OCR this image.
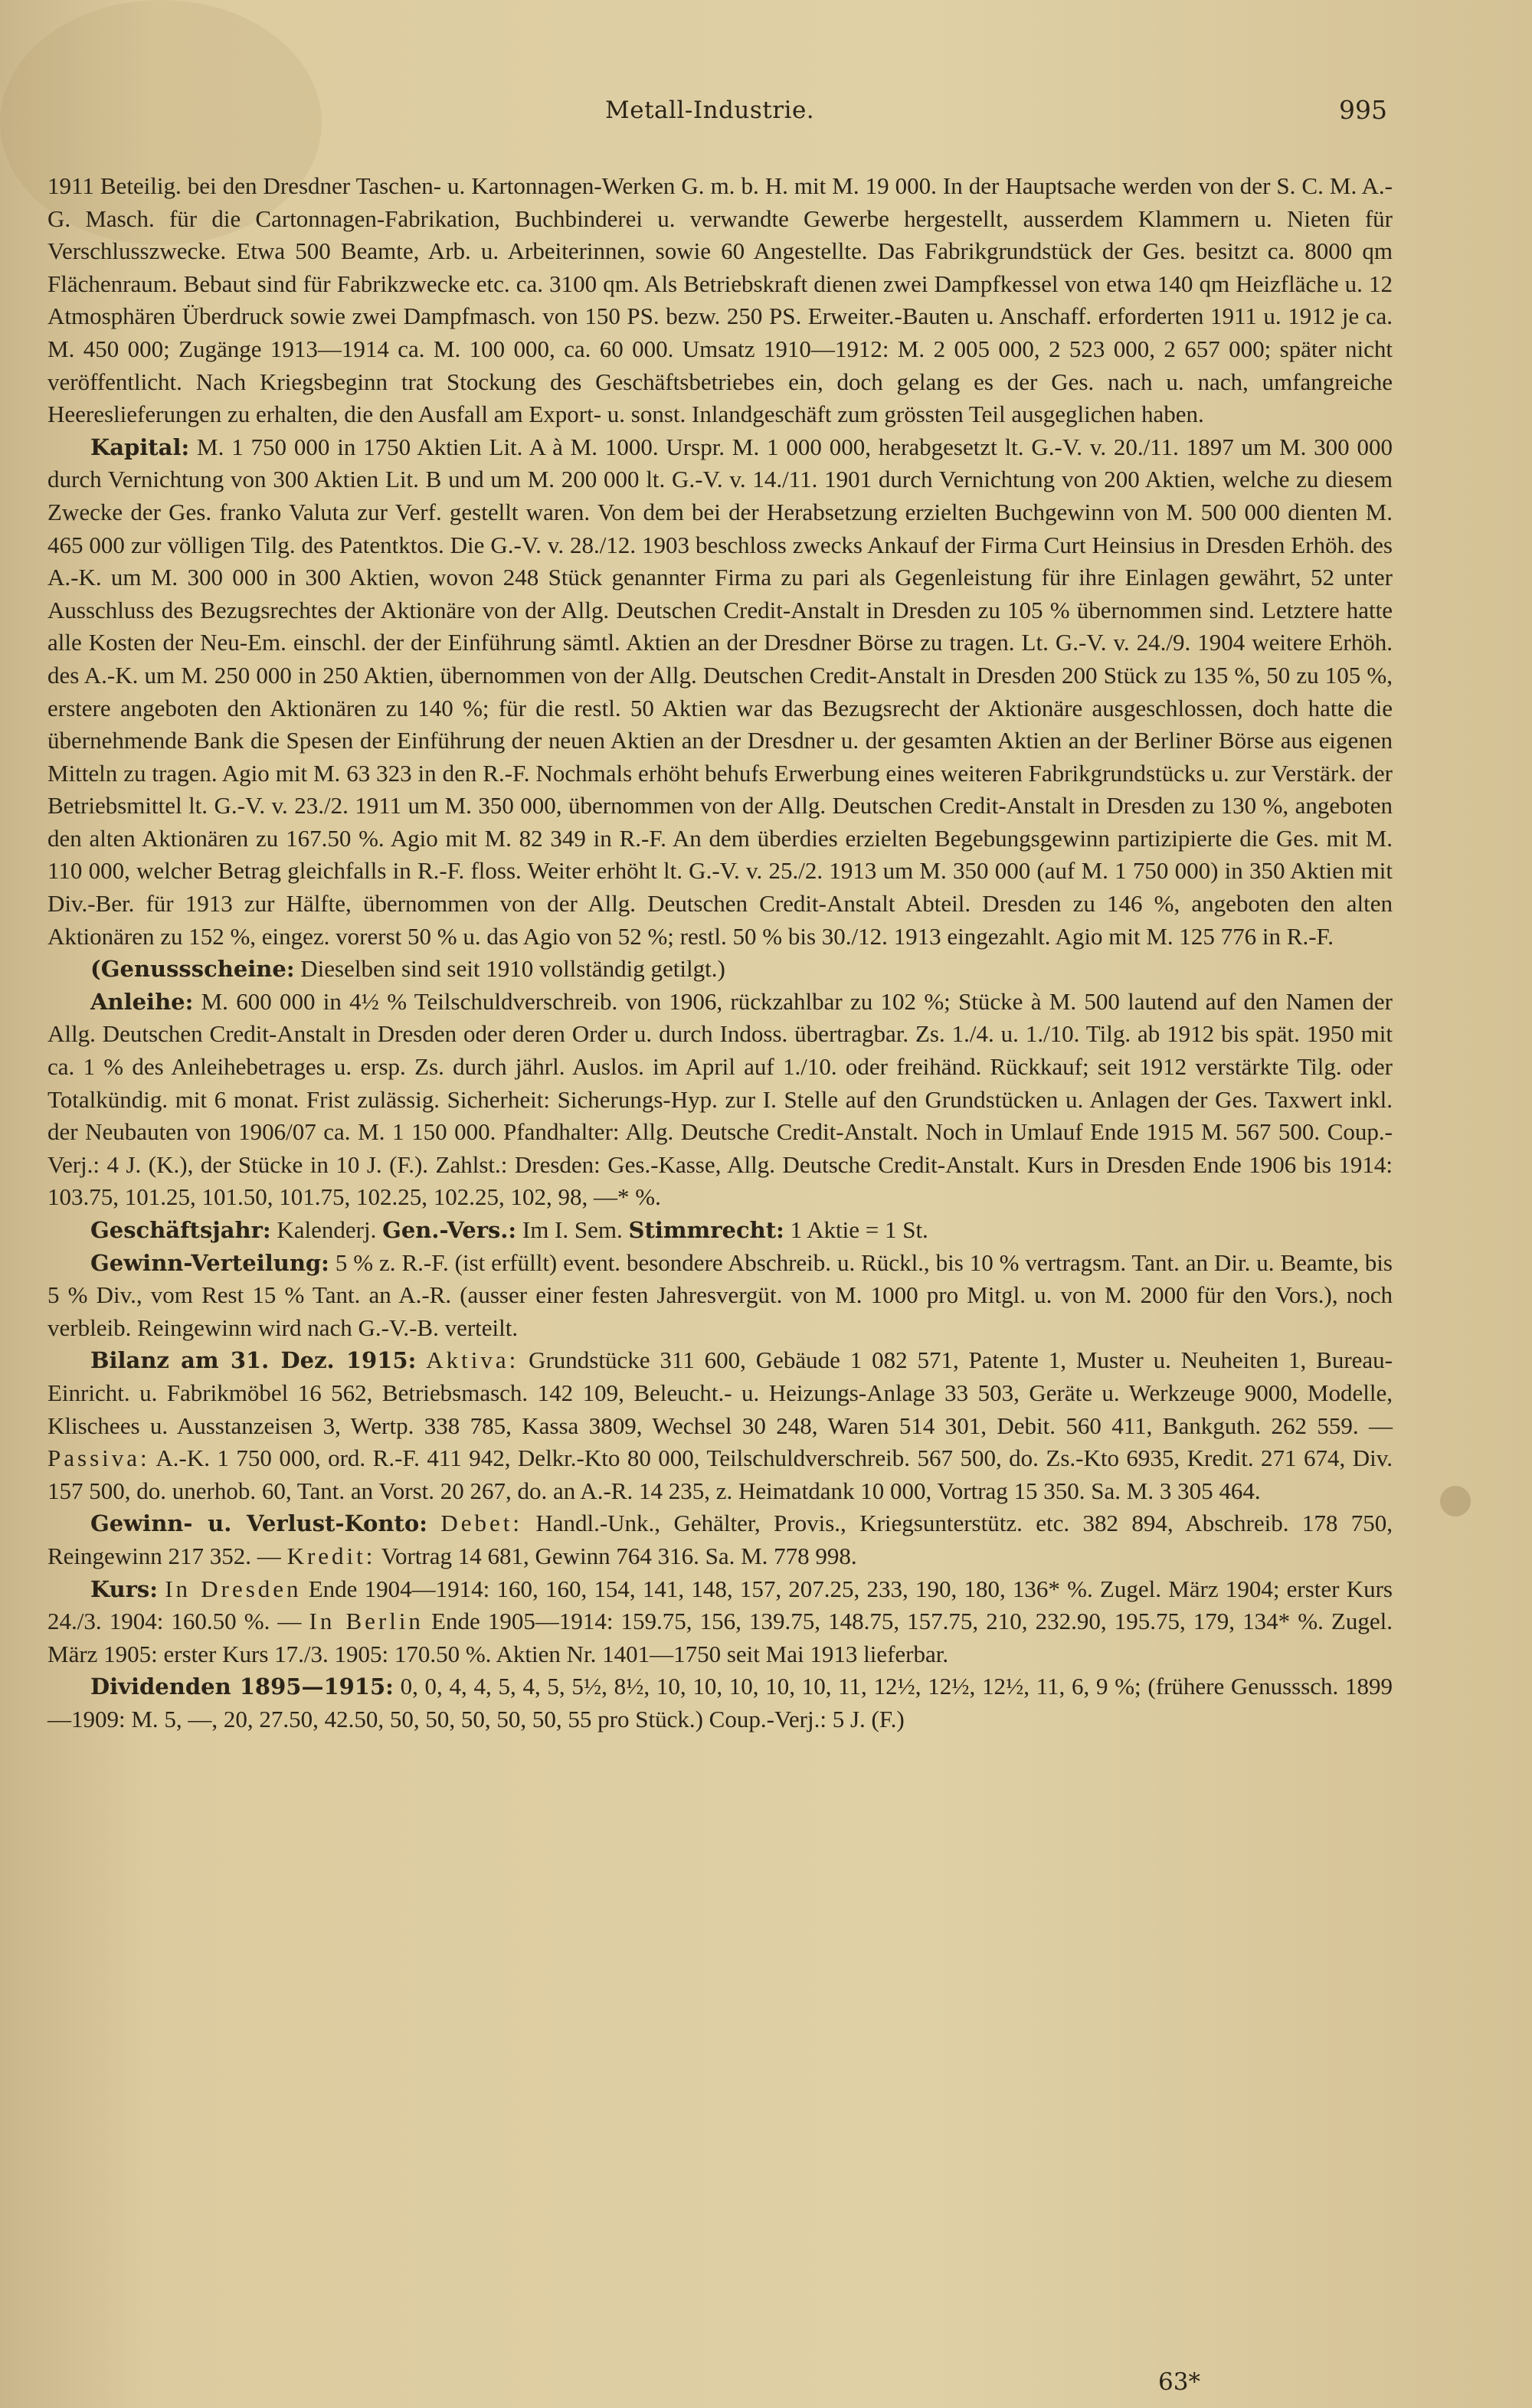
Metall-Industrie.	995

1911 Beteilig. bei den Dresdner Taschen- u. Kartonnagen-Werken G. m. b. H. mit M. 19 000. In der Hauptsache werden von der S. C. M. A.-G. Masch. für die Cartonnagen-Fabrikation, Buchbinderei u. verwandte Gewerbe hergestellt, ausserdem Klammern u. Nieten für Verschlusszwecke. Etwa 500 Beamte, Arb. u. Arbeiterinnen, sowie 60 Angestellte. Das Fabrikgrundstück der Ges. besitzt ca. 8000 qm Flächenraum. Bebaut sind für Fabrikzwecke etc. ca. 3100 qm. Als Betriebskraft dienen zwei Dampfkessel von etwa 140 qm Heizfläche u. 12 Atmosphären Überdruck sowie zwei Dampfmasch. von 150 PS. bezw. 250 PS. Erweiter.-Bauten u. Anschaff. erforderten 1911 u. 1912 je ca. M. 450 000; Zugänge 1913—1914 ca. M. 100 000, ca. 60 000. Umsatz 1910—1912: M. 2 005 000, 2 523 000, 2 657 000; später nicht veröffentlicht. Nach Kriegsbeginn trat Stockung des Geschäftsbetriebes ein, doch gelang es der Ges. nach u. nach, umfangreiche Heereslieferungen zu erhalten, die den Ausfall am Export- u. sonst. Inlandgeschäft zum grössten Teil ausgeglichen haben.

Kapital: M. 1 750 000 in 1750 Aktien Lit. A à M. 1000. Urspr. M. 1 000 000, herabgesetzt lt. G.-V. v. 20./11. 1897 um M. 300 000 durch Vernichtung von 300 Aktien Lit. B und um M. 200 000 lt. G.-V. v. 14./11. 1901 durch Vernichtung von 200 Aktien, welche zu diesem Zwecke der Ges. franko Valuta zur Verf. gestellt waren. Von dem bei der Herabsetzung erzielten Buchgewinn von M. 500 000 dienten M. 465 000 zur völligen Tilg. des Patentktos. Die G.-V. v. 28./12. 1903 beschloss zwecks Ankauf der Firma Curt Heinsius in Dresden Erhöh. des A.-K. um M. 300 000 in 300 Aktien, wovon 248 Stück genannter Firma zu pari als Gegenleistung für ihre Einlagen gewährt, 52 unter Ausschluss des Bezugsrechtes der Aktionäre von der Allg. Deutschen Credit-Anstalt in Dresden zu 105 % übernommen sind. Letztere hatte alle Kosten der Neu-Em. einschl. der der Einführung sämtl. Aktien an der Dresdner Börse zu tragen. Lt. G.-V. v. 24./9. 1904 weitere Erhöh. des A.-K. um M. 250 000 in 250 Aktien, übernommen von der Allg. Deutschen Credit-Anstalt in Dresden 200 Stück zu 135 %, 50 zu 105 %, erstere angeboten den Aktionären zu 140 %; für die restl. 50 Aktien war das Bezugsrecht der Aktionäre ausgeschlossen, doch hatte die übernehmende Bank die Spesen der Einführung der neuen Aktien an der Dresdner u. der gesamten Aktien an der Berliner Börse aus eigenen Mitteln zu tragen. Agio mit M. 63 323 in den R.-F. Nochmals erhöht behufs Erwerbung eines weiteren Fabrikgrundstücks u. zur Verstärk. der Betriebsmittel lt. G.-V. v. 23./2. 1911 um M. 350 000, übernommen von der Allg. Deutschen Credit-Anstalt in Dresden zu 130 %, angeboten den alten Aktionären zu 167.50 %. Agio mit M. 82 349 in R.-F. An dem überdies erzielten Begebungsgewinn partizipierte die Ges. mit M. 110 000, welcher Betrag gleichfalls in R.-F. floss. Weiter erhöht lt. G.-V. v. 25./2. 1913 um M. 350 000 (auf M. 1 750 000) in 350 Aktien mit Div.-Ber. für 1913 zur Hälfte, übernommen von der Allg. Deutschen Credit-Anstalt Abteil. Dresden zu 146 %, angeboten den alten Aktionären zu 152 %, eingez. vorerst 50 % u. das Agio von 52 %; restl. 50 % bis 30./12. 1913 eingezahlt. Agio mit M. 125 776 in R.-F.

(Genussscheine: Dieselben sind seit 1910 vollständig getilgt.)

Anleihe: M. 600 000 in 4½ % Teilschuldverschreib. von 1906, rückzahlbar zu 102 %; Stücke à M. 500 lautend auf den Namen der Allg. Deutschen Credit-Anstalt in Dresden oder deren Order u. durch Indoss. übertragbar. Zs. 1./4. u. 1./10. Tilg. ab 1912 bis spät. 1950 mit ca. 1 % des Anleihebetrages u. ersp. Zs. durch jährl. Auslos. im April auf 1./10. oder freihänd. Rückkauf; seit 1912 verstärkte Tilg. oder Totalkündig. mit 6 monat. Frist zulässig. Sicherheit: Sicherungs-Hyp. zur I. Stelle auf den Grundstücken u. Anlagen der Ges. Taxwert inkl. der Neubauten von 1906/07 ca. M. 1 150 000. Pfandhalter: Allg. Deutsche Credit-Anstalt. Noch in Umlauf Ende 1915 M. 567 500. Coup.-Verj.: 4 J. (K.), der Stücke in 10 J. (F.). Zahlst.: Dresden: Ges.-Kasse, Allg. Deutsche Credit-Anstalt. Kurs in Dresden Ende 1906 bis 1914: 103.75, 101.25, 101.50, 101.75, 102.25, 102.25, 102, 98, —* %.

Geschäftsjahr: Kalenderj. Gen.-Vers.: Im I. Sem. Stimmrecht: 1 Aktie = 1 St.

Gewinn-Verteilung: 5 % z. R.-F. (ist erfüllt) event. besondere Abschreib. u. Rückl., bis 10 % vertragsm. Tant. an Dir. u. Beamte, bis 5 % Div., vom Rest 15 % Tant. an A.-R. (ausser einer festen Jahresvergüt. von M. 1000 pro Mitgl. u. von M. 2000 für den Vors.), noch verbleib. Reingewinn wird nach G.-V.-B. verteilt.

Bilanz am 31. Dez. 1915: Aktiva: Grundstücke 311 600, Gebäude 1 082 571, Patente 1, Muster u. Neuheiten 1, Bureau-Einricht. u. Fabrikmöbel 16 562, Betriebsmasch. 142 109, Beleucht.- u. Heizungs-Anlage 33 503, Geräte u. Werkzeuge 9000, Modelle, Klischees u. Ausstanzeisen 3, Wertp. 338 785, Kassa 3809, Wechsel 30 248, Waren 514 301, Debit. 560 411, Bankguth. 262 559. — Passiva: A.-K. 1 750 000, ord. R.-F. 411 942, Delkr.-Kto 80 000, Teilschuldverschreib. 567 500, do. Zs.-Kto 6935, Kredit. 271 674, Div. 157 500, do. unerhob. 60, Tant. an Vorst. 20 267, do. an A.-R. 14 235, z. Heimatdank 10 000, Vortrag 15 350. Sa. M. 3 305 464.

Gewinn- u. Verlust-Konto: Debet: Handl.-Unk., Gehälter, Provis., Kriegsunterstütz. etc. 382 894, Abschreib. 178 750, Reingewinn 217 352. — Kredit: Vortrag 14 681, Gewinn 764 316. Sa. M. 778 998.

Kurs: In Dresden Ende 1904—1914: 160, 160, 154, 141, 148, 157, 207.25, 233, 190, 180, 136* %. Zugel. März 1904; erster Kurs 24./3. 1904: 160.50 %. — In Berlin Ende 1905—1914: 159.75, 156, 139.75, 148.75, 157.75, 210, 232.90, 195.75, 179, 134* %. Zugel. März 1905: erster Kurs 17./3. 1905: 170.50 %. Aktien Nr. 1401—1750 seit Mai 1913 lieferbar.

Dividenden 1895—1915: 0, 0, 4, 4, 5, 4, 5, 5½, 8½, 10, 10, 10, 10, 10, 11, 12½, 12½, 12½, 11, 6, 9 %; (frühere Genusssch. 1899—1909: M. 5, —, 20, 27.50, 42.50, 50, 50, 50, 50, 50, 55 pro Stück.) Coup.-Verj.: 5 J. (F.)

63*
